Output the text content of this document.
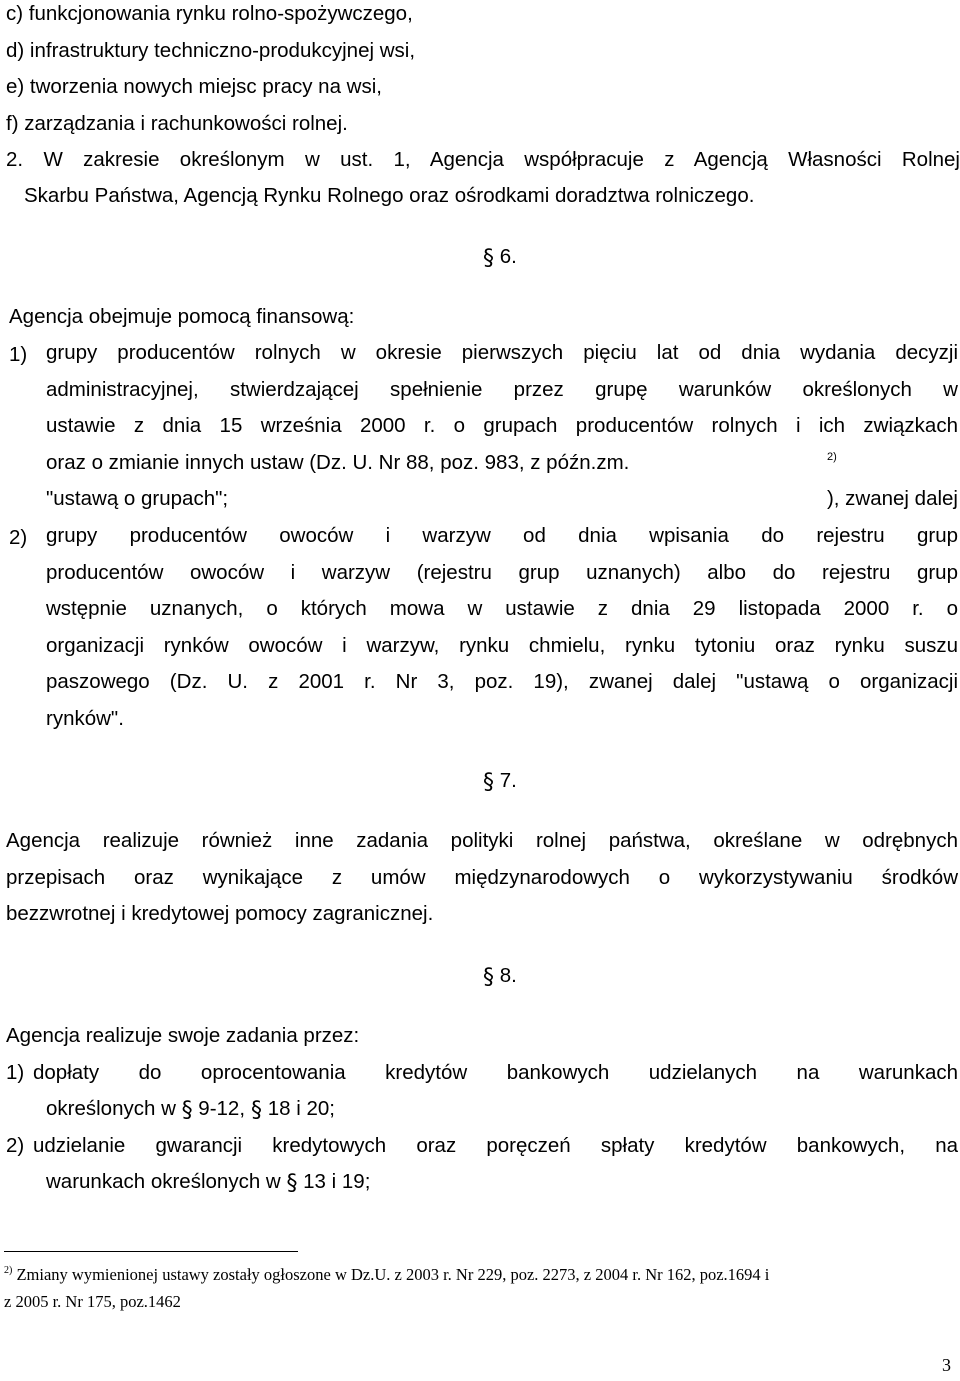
c) funkcjonowania rynku rolno-spożywczego,
d) infrastruktury techniczno-produkcyjnej wsi,
e) tworzenia nowych miejsc pracy na wsi,
f) zarządzania i rachunkowości rolnej.
2. W zakresie określonym w ust. 1, Agencja współpracuje z Agencją Własności Rolnej
Skarbu Państwa, Agencją Rynku Rolnego oraz ośrodkami doradztwa rolniczego.
§ 6.
Agencja obejmuje pomocą finansową:
1) grupy producentów rolnych w okresie pierwszych pięciu lat od dnia wydania decyzji
administracyjnej, stwierdzającej spełnienie przez grupę warunków określonych w
ustawie z dnia 15 września 2000 r. o grupach producentów rolnych i ich związkach
oraz o zmianie innych ustaw (Dz. U. Nr 88, poz. 983, z późn.zm.	$^{2)}$
), zwanej dalej
"ustawą o grupach";
2) grupy producentów owoców i warzyw od dnia wpisania do rejestru grup
producentów owoców i warzyw (rejestru grup uznanych) albo do rejestru grup
wstępnie uznanych, o których mowa w ustawie z dnia 29 listopada 2000 r. o
organizacji rynków owoców i warzyw, rynku chmielu, rynku tytoniu oraz rynku suszu
paszowego (Dz. U. z 2001 r. Nr 3, poz. 19), zwanej dalej "ustawą o organizacji
rynków".
§ 7.
Agencja realizuje również inne zadania polityki rolnej państwa, określane w odrębnych
przepisach oraz wynikające z umów międzynarodowych o wykorzystywaniu środków
bezzwrotnej i kredytowej pomocy zagranicznej.
§ 8.
Agencja realizuje swoje zadania przez:
1) dopłaty do oprocentowania kredytów bankowych udzielanych na warunkach
określonych w § 9-12, § 18 i 20;
2) udzielanie gwarancji kredytowych oraz poręczeń spłaty kredytów bankowych, na
warunkach określonych w § 13 i 19;
$^{2)}$ Zmiany wymienionej ustawy zostały ogłoszone w Dz.U. z 2003 r. Nr 229, poz. 2273, z 2004 r. Nr 162, poz.1694 i
z 2005 r. Nr 175, poz.1462
3
